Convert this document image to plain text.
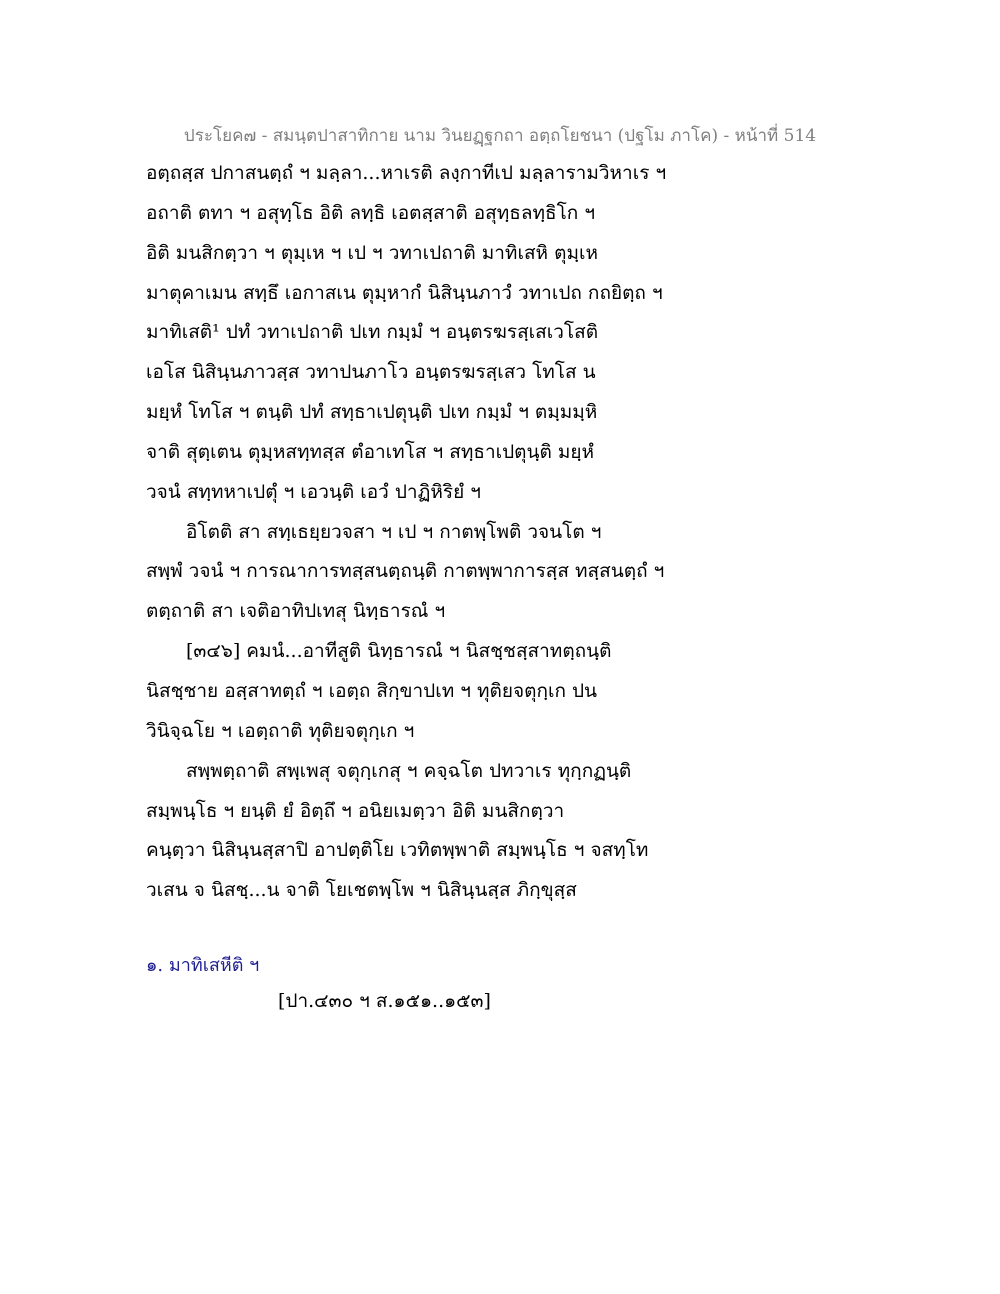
ประโยค๗ - สมนฺตปาสาทิกาย นาม วินยฏฺฐกถา อตฺถโยชนา (ปฐโม ภาโค) - หน้าที่ 514
อตฺถสฺส ปกาสนตฺถํ ฯ มลฺลา...หาเรติ ลงฺกาทีเป มลฺลารามวิหาเร ฯ
อถาติ ตทา ฯ อสุทฺโธ อิติ ลทฺธิ เอตสฺสาติ อสุทฺธลทฺธิโก ฯ
อิติ มนสิกตฺวา ฯ ตุมฺเห ฯ เป ฯ วทาเปถาติ มาทิเสหิ ตุมฺเห
มาตุคาเมน สทฺธึ เอกาสเน ตุมฺหากํ นิสินฺนภาวํ วทาเปถ กถยิตฺถ ฯ
มาทิเสติ¹ ปทํ วทาเปถาติ ปเท กมฺมํ ฯ อนฺตรฆรสฺเสเวโสติ
เอโส นิสินฺนภาวสฺส วทาปนภาโว อนฺตรฆรสฺเสว โทโส น
มยฺหํ โทโส ฯ ตนฺติ ปทํ สทฺธาเปตุนฺติ ปเท กมฺมํ ฯ ตมฺมมฺหิ
จาติ สุตฺเตน ตุมฺหสทฺทสฺส ตํอาเทโส ฯ สทฺธาเปตุนฺติ มยฺหํ
วจนํ สทฺทหาเปตุํ ฯ เอวนฺติ เอวํ ปาฏิหิริยํ ฯ
อิโตติ สา สทฺเธยฺยวจสา ฯ เป ฯ กาตพฺโพติ วจนโต ฯ
สพฺพํ วจนํ ฯ การณาการทสฺสนตฺถนฺติ กาตพฺพาการสฺส ทสฺสนตฺถํ ฯ
ตตฺถาติ สา เจติอาทิปเทสุ นิทฺธารณํ ฯ
[๓๔๖] คมนํ...อาทีสูติ นิทฺธารณํ ฯ นิสชฺชสฺสาทตฺถนฺติ
นิสชฺชาย อสฺสาทตฺถํ ฯ เอตฺถ สิกฺขาปเท ฯ ทุติยจตุกฺเก ปน
วินิจฺฉโย ฯ เอตฺถาติ ทุติยจตุกฺเก ฯ
สพฺพตฺถาติ สพฺเพสุ จตุกฺเกสุ ฯ คจฺฉโต ปทวาเร ทุกฺกฏนฺติ
สมฺพนฺโธ ฯ ยนฺติ ยํ อิตฺถึ ฯ อนิยเมตฺวา อิติ มนสิกตฺวา
คนฺตฺวา นิสินฺนสฺสาปิ อาปตฺติโย เวทิตพฺพาติ สมฺพนฺโธ ฯ จสทฺโท
วเสน จ นิสชฺ...น จาติ โยเชตพฺโพ ฯ นิสินฺนสฺส ภิกฺขุสฺส
๑. มาทิเสหีติ ฯ
[ปา.๔๓๐ ฯ ส.๑๕๑..๑๕๓]
